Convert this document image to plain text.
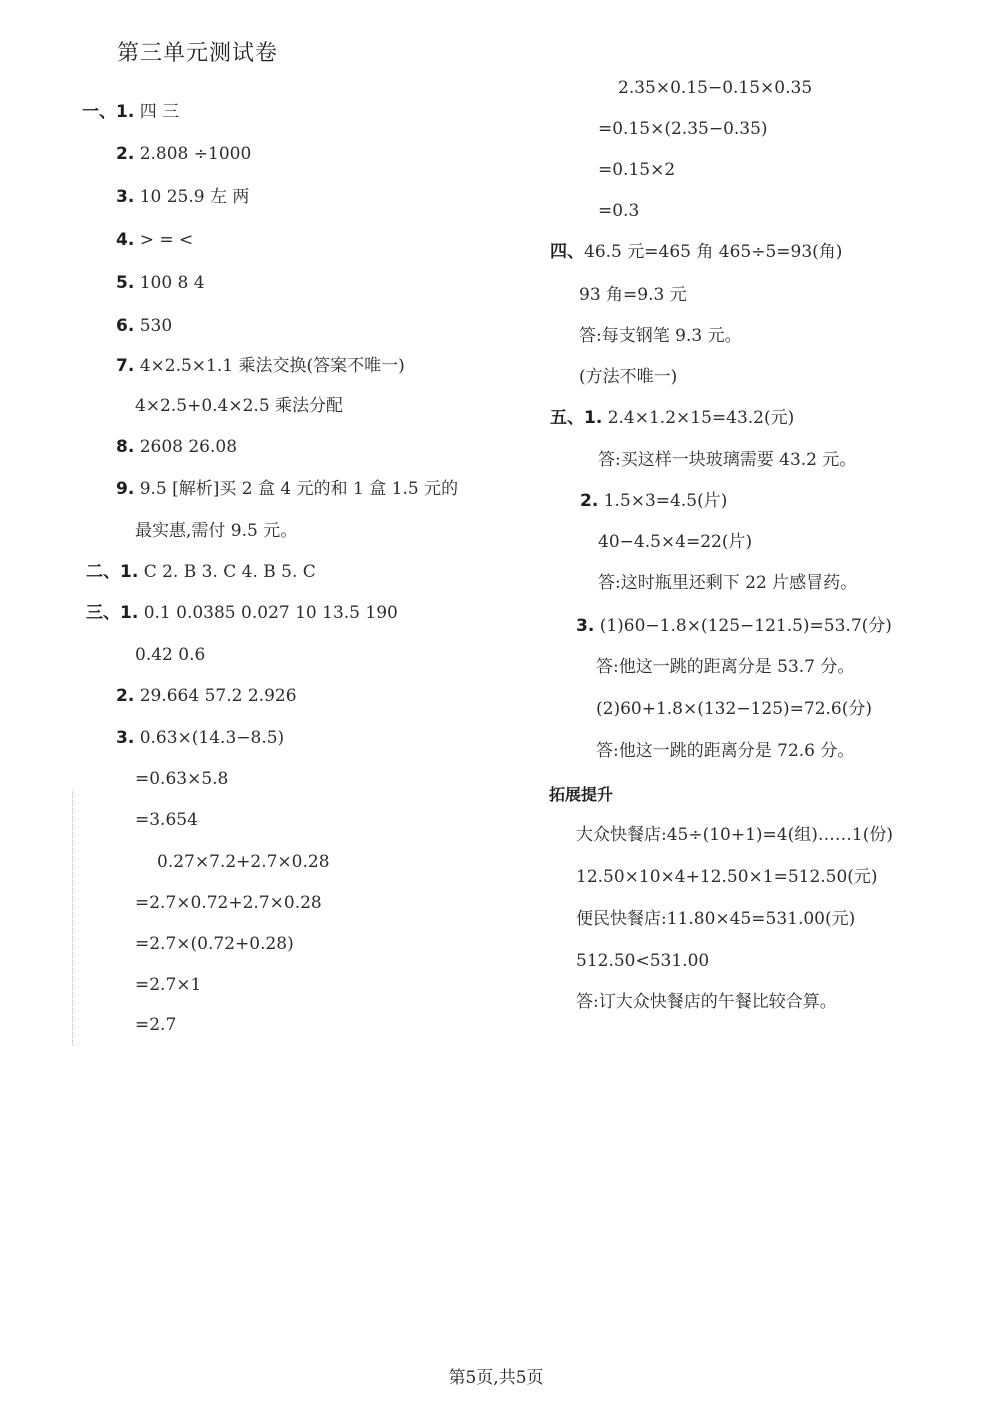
第三单元测试卷
一、1. 四 三
2. 2.808 ÷1000
3. 10 25.9 左 两
4. > = <
5. 100 8 4
6. 530
7. 4×2.5×1.1 乘法交换(答案不唯一)
4×2.5+0.4×2.5 乘法分配
8. 2608 26.08
9. 9.5 [解析]买 2 盒 4 元的和 1 盒 1.5 元的
最实惠,需付 9.5 元。
二、1. C 2. B 3. C 4. B 5. C
三、1. 0.1 0.0385 0.027 10 13.5 190
0.42 0.6
2. 29.664 57.2 2.926
3. 0.63×(14.3−8.5)
=0.63×5.8
=3.654
0.27×7.2+2.7×0.28
=2.7×0.72+2.7×0.28
=2.7×(0.72+0.28)
=2.7×1
=2.7
2.35×0.15−0.15×0.35
=0.15×(2.35−0.35)
=0.15×2
=0.3
四、46.5 元=465 角 465÷5=93(角)
93 角=9.3 元
答:每支钢笔 9.3 元。
(方法不唯一)
五、1. 2.4×1.2×15=43.2(元)
答:买这样一块玻璃需要 43.2 元。
2. 1.5×3=4.5(片)
40−4.5×4=22(片)
答:这时瓶里还剩下 22 片感冒药。
3. (1)60−1.8×(125−121.5)=53.7(分)
答:他这一跳的距离分是 53.7 分。
(2)60+1.8×(132−125)=72.6(分)
答:他这一跳的距离分是 72.6 分。
拓展提升
大众快餐店:45÷(10+1)=4(组)……1(份)
12.50×10×4+12.50×1=512.50(元)
便民快餐店:11.80×45=531.00(元)
512.50<531.00
答:订大众快餐店的午餐比较合算。
第5页,共5页
